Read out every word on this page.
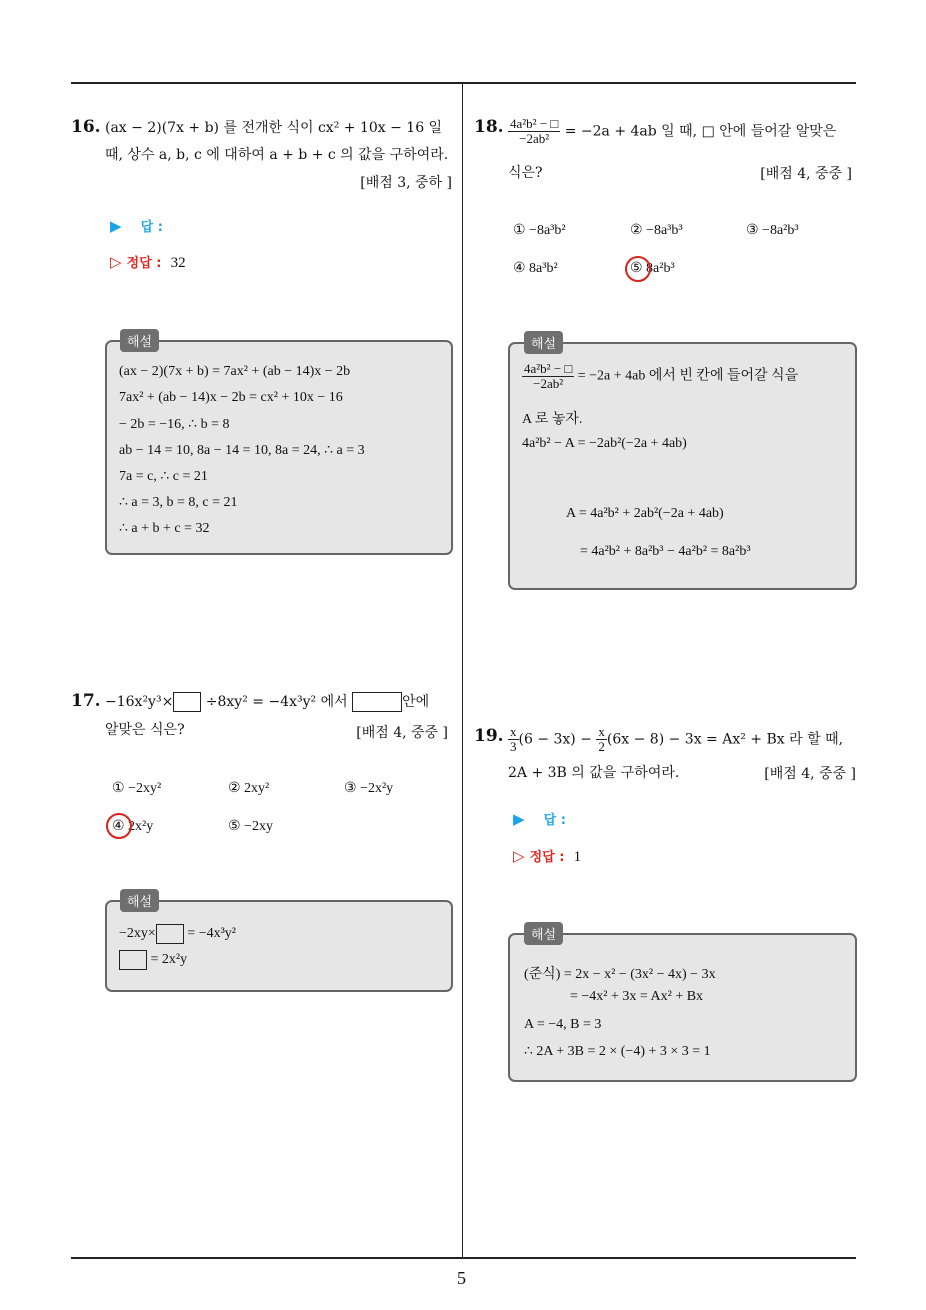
5
16. (ax − 2)(7x + b) 를 전개한 식이 cx² + 10x − 16 일
때, 상수 a, b, c 에 대하여 a + b + c 의 값을 구하여라.
[배점 3, 중하 ]
▶ 답 :
▷ 정답 : 32
(ax − 2)(7x + b) = 7ax² + (ab − 14)x − 2b
7ax² + (ab − 14)x − 2b = cx² + 10x − 16
− 2b = −16, ∴ b = 8
ab − 14 = 10, 8a − 14 = 10, 8a = 24, ∴ a = 3
7a = c, ∴ c = 21
∴ a = 3, b = 8, c = 21
∴ a + b + c = 32
해설
17. −16x²y³× ÷8xy² = −4x³y² 에서	안에
알맞은 식은?	[배점 4, 중중 ]
① −2xy²	② 2xy²	③ −2x²y
④ 2x²y	⑤ −2xy
−2xy× = −4x³y²
= 2x²y
해설
18. $\frac{\text{4a²b² − □}}{\text{−2ab²}} = -2a + 4ab$ 일 때, □ 안에 들어갈 알맞은
식은?	[배점 4, 중중 ]
① −8a³b²	② −8a³b³	③ −8a²b³
④ 8a³b²	⑤ 8a²b³
$\frac{\text{4a²b² − □}}{\text{−2ab²}} = -2a + 4ab$ 에서 빈 칸에 들어갈 식을
A 로 놓자.
4a²b² − A = −2ab²(−2a + 4ab)
A = 4a²b² + 2ab²(−2a + 4ab)
= 4a²b² + 8a²b³ − 4a²b² = 8a²b³
해설
19. $\frac{x}{3} (6 - 3x) - \frac{x}{2} (6x - 8) - 3x = Ax^2 + Bx$ 라 할 때,
2A + 3B 의 값을 구하여라.	[배점 4, 중중 ]
▶ 답 :
▷ 정답 : 1
(준식) = 2x − x² − (3x² − 4x) − 3x
= −4x² + 3x = Ax² + Bx
A = −4, B = 3
∴ 2A + 3B = 2 × (−4) + 3 × 3 = 1
해설
